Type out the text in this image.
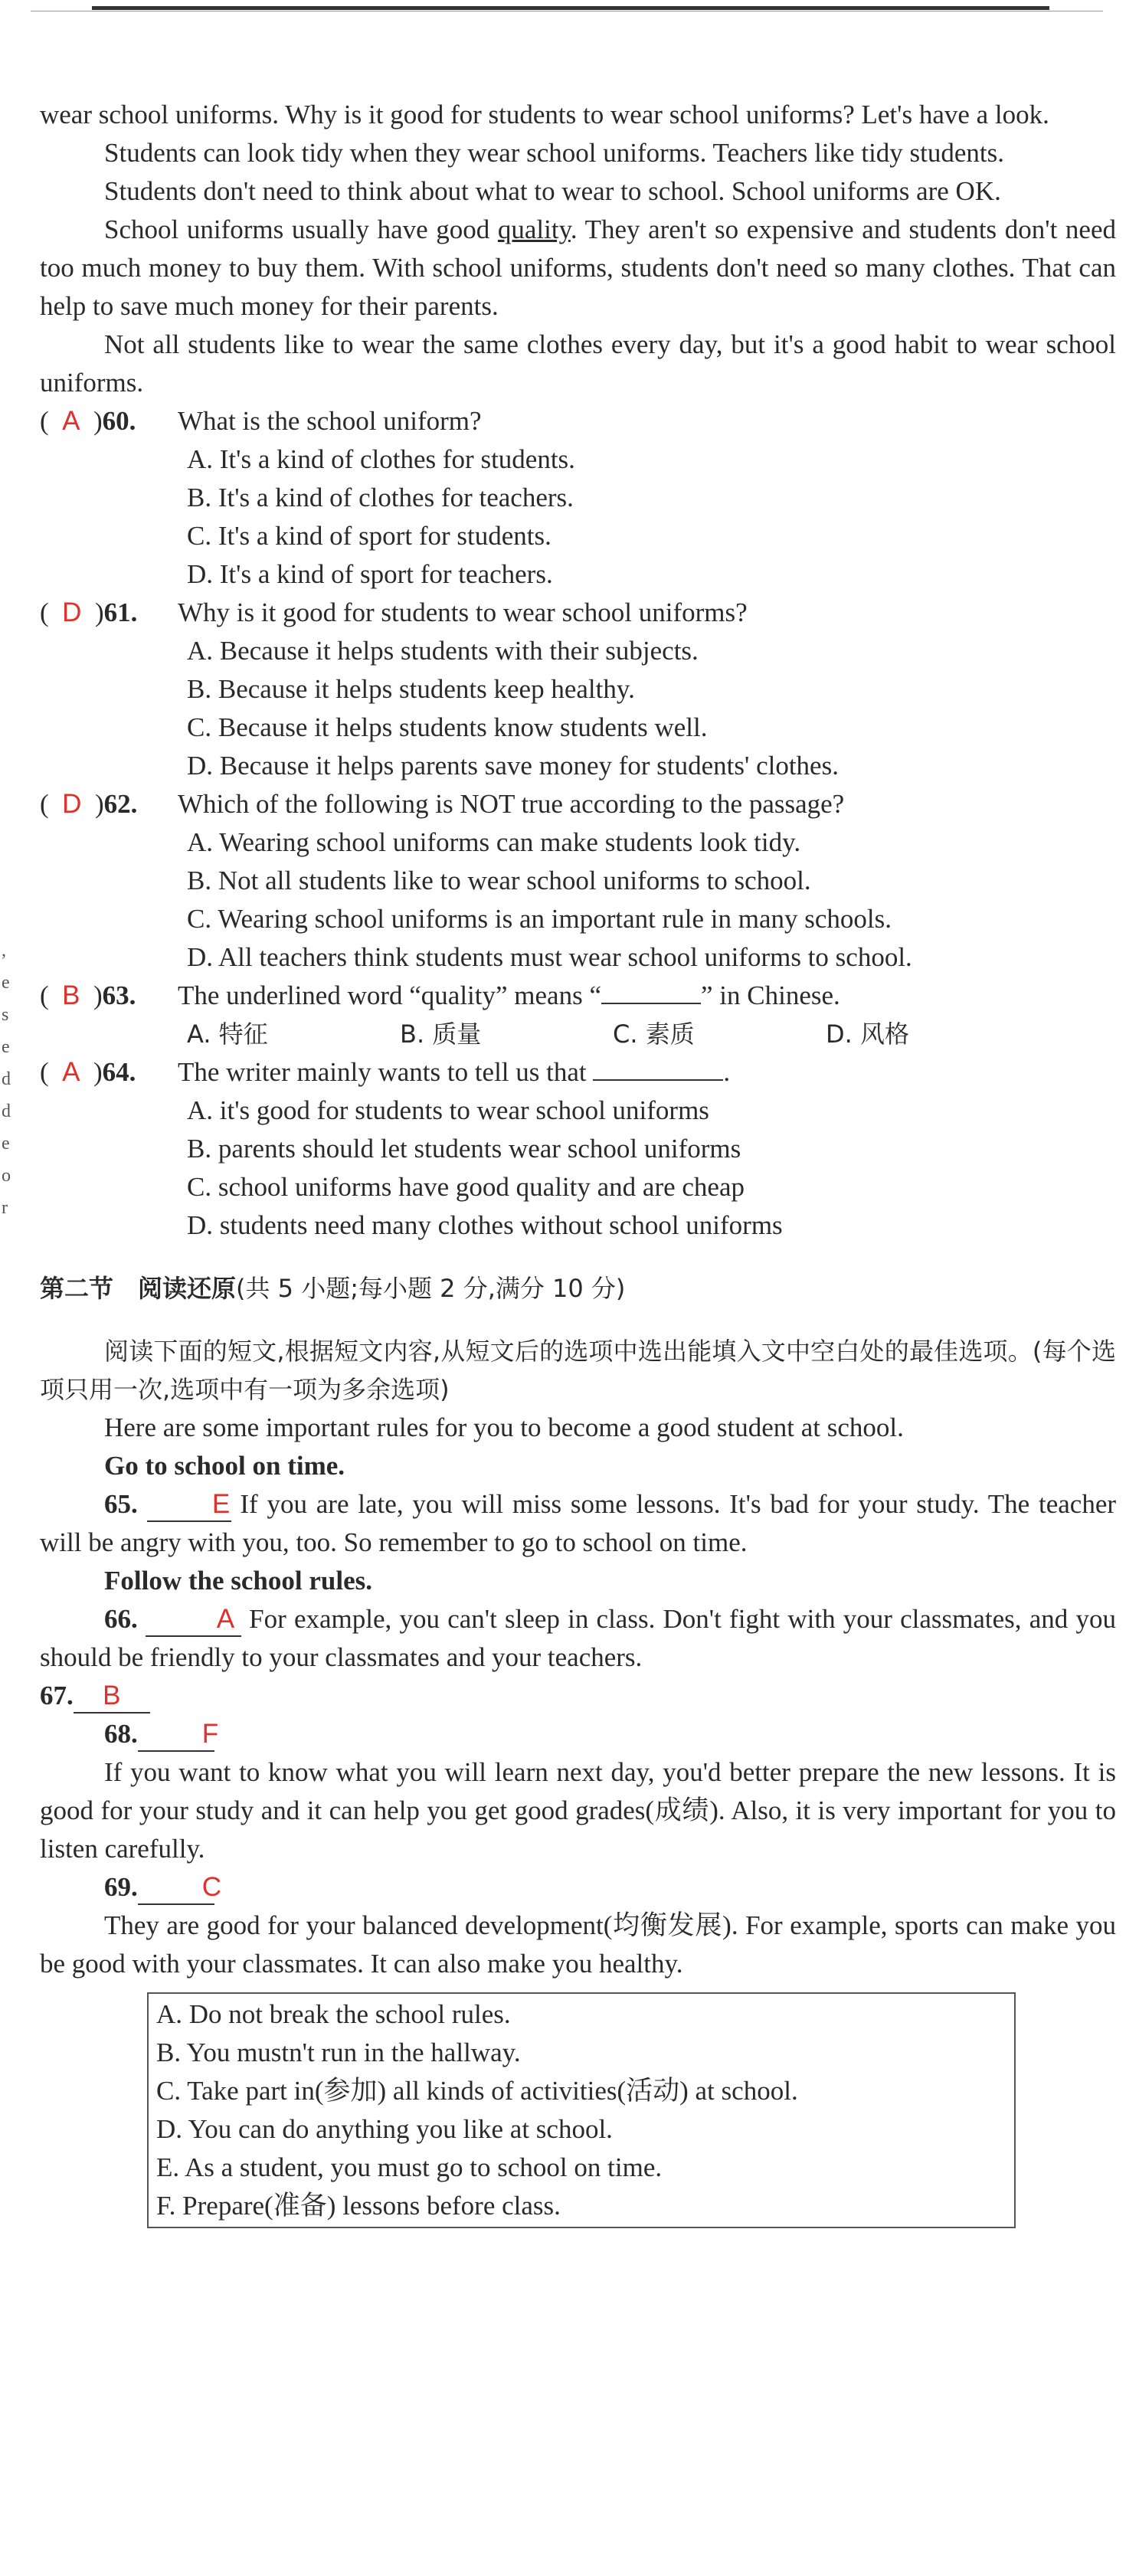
,
e
s
e
d
d
e
o
r

wear school uniforms. Why is it good for students to wear school uniforms? Let's have a look.

Students can look tidy when they wear school uniforms. Teachers like tidy students.

Students don't need to think about what to wear to school. School uniforms are OK.

School uniforms usually have good quality. They aren't so expensive and students don't need too much money to buy them. With school uniforms, students don't need so many clothes. That can help to save much money for their parents.

Not all students like to wear the same clothes every day, but it's a good habit to wear school uniforms.

(  A  )60.	What is the school uniform?

A. It's a kind of clothes for students.

B. It's a kind of clothes for teachers.

C. It's a kind of sport for students.

D. It's a kind of sport for teachers.

(  D  )61.	Why is it good for students to wear school uniforms?

A. Because it helps students with their subjects.

B. Because it helps students keep healthy.

C. Because it helps students know students well.

D. Because it helps parents save money for students' clothes.

(  D  )62.	Which of the following is NOT true according to the passage?

A. Wearing school uniforms can make students look tidy.

B. Not all students like to wear school uniforms to school.

C. Wearing school uniforms is an important rule in many schools.

D. All teachers think students must wear school uniforms to school.

(  B  )63.	The underlined word “quality” means “	” in Chinese.
A. 特征	B. 质量	C. 素质	D. 风格
(  A  )64.	The writer mainly wants to tell us that	.

A. it's good for students to wear school uniforms

B. parents should let students wear school uniforms

C. school uniforms have good quality and are cheap

D. students need many clothes without school uniforms

第二节　阅读还原(共 5 小题;每小题 2 分,满分 10 分)

阅读下面的短文,根据短文内容,从短文后的选项中选出能填入文中空白处的最佳选项。(每个选项只用一次,选项中有一项为多余选项)

Here are some important rules for you to become a good student at school.

Go to school on time.

65.	E If you are late, you will miss some lessons. It's bad for your study. The teacher will be angry with you, too. So remember to go to school on time.

Follow the school rules.

66.	A For example, you can't sleep in class. Don't fight with your classmates, and you should be friendly to your classmates and your teachers.

67. B

68. F

If you want to know what you will learn next day, you'd better prepare the new lessons. It is good for your study and it can help you get good grades(成绩). Also, it is very important for you to listen carefully.

69. C

They are good for your balanced development(均衡发展). For example, sports can make you be good with your classmates. It can also make you healthy.

A. Do not break the school rules.

B. You mustn't run in the hallway.

C. Take part in(参加) all kinds of activities(活动) at school.

D. You can do anything you like at school.

E. As a student, you must go to school on time.

F. Prepare(准备) lessons before class.
